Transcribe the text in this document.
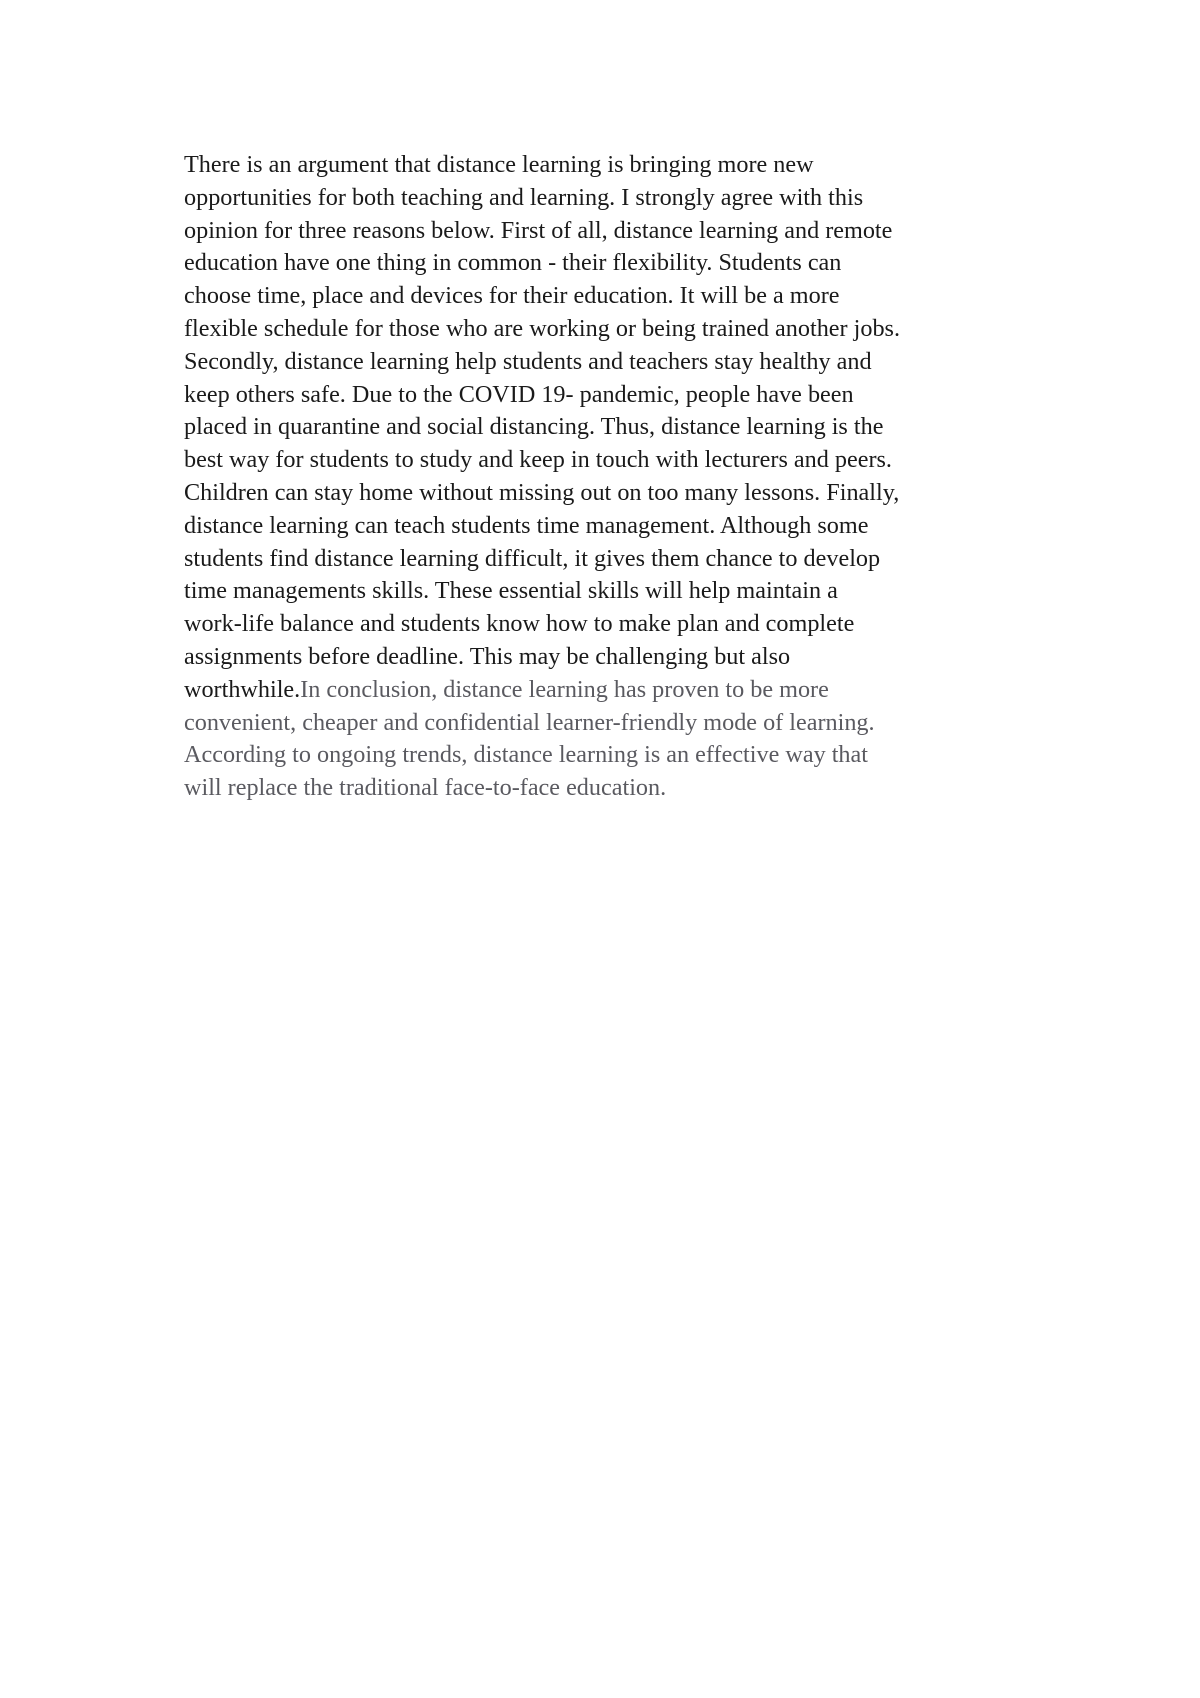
There is an argument that distance learning is bringing more new
opportunities for both teaching and learning. I strongly agree with this
opinion for three reasons below. First of all, distance learning and remote
education have one thing in common - their flexibility. Students can
choose time, place and devices for their education. It will be a more
flexible schedule for those who are working or being trained another jobs.
Secondly, distance learning help students and teachers stay healthy and
keep others safe. Due to the COVID 19- pandemic, people have been
placed in quarantine and social distancing. Thus, distance learning is the
best way for students to study and keep in touch with lecturers and peers.
Children can stay home without missing out on too many lessons. Finally,
distance learning can teach students time management. Although some
students find distance learning difficult, it gives them chance to develop
time managements skills. These essential skills will help maintain a
work-life balance and students know how to make plan and complete
assignments before deadline. This may be challenging but also
worthwhile.In conclusion, distance learning has proven to be more
convenient, cheaper and confidential learner-friendly mode of learning.
According to ongoing trends, distance learning is an effective way that
will replace the traditional face-to-face education.
